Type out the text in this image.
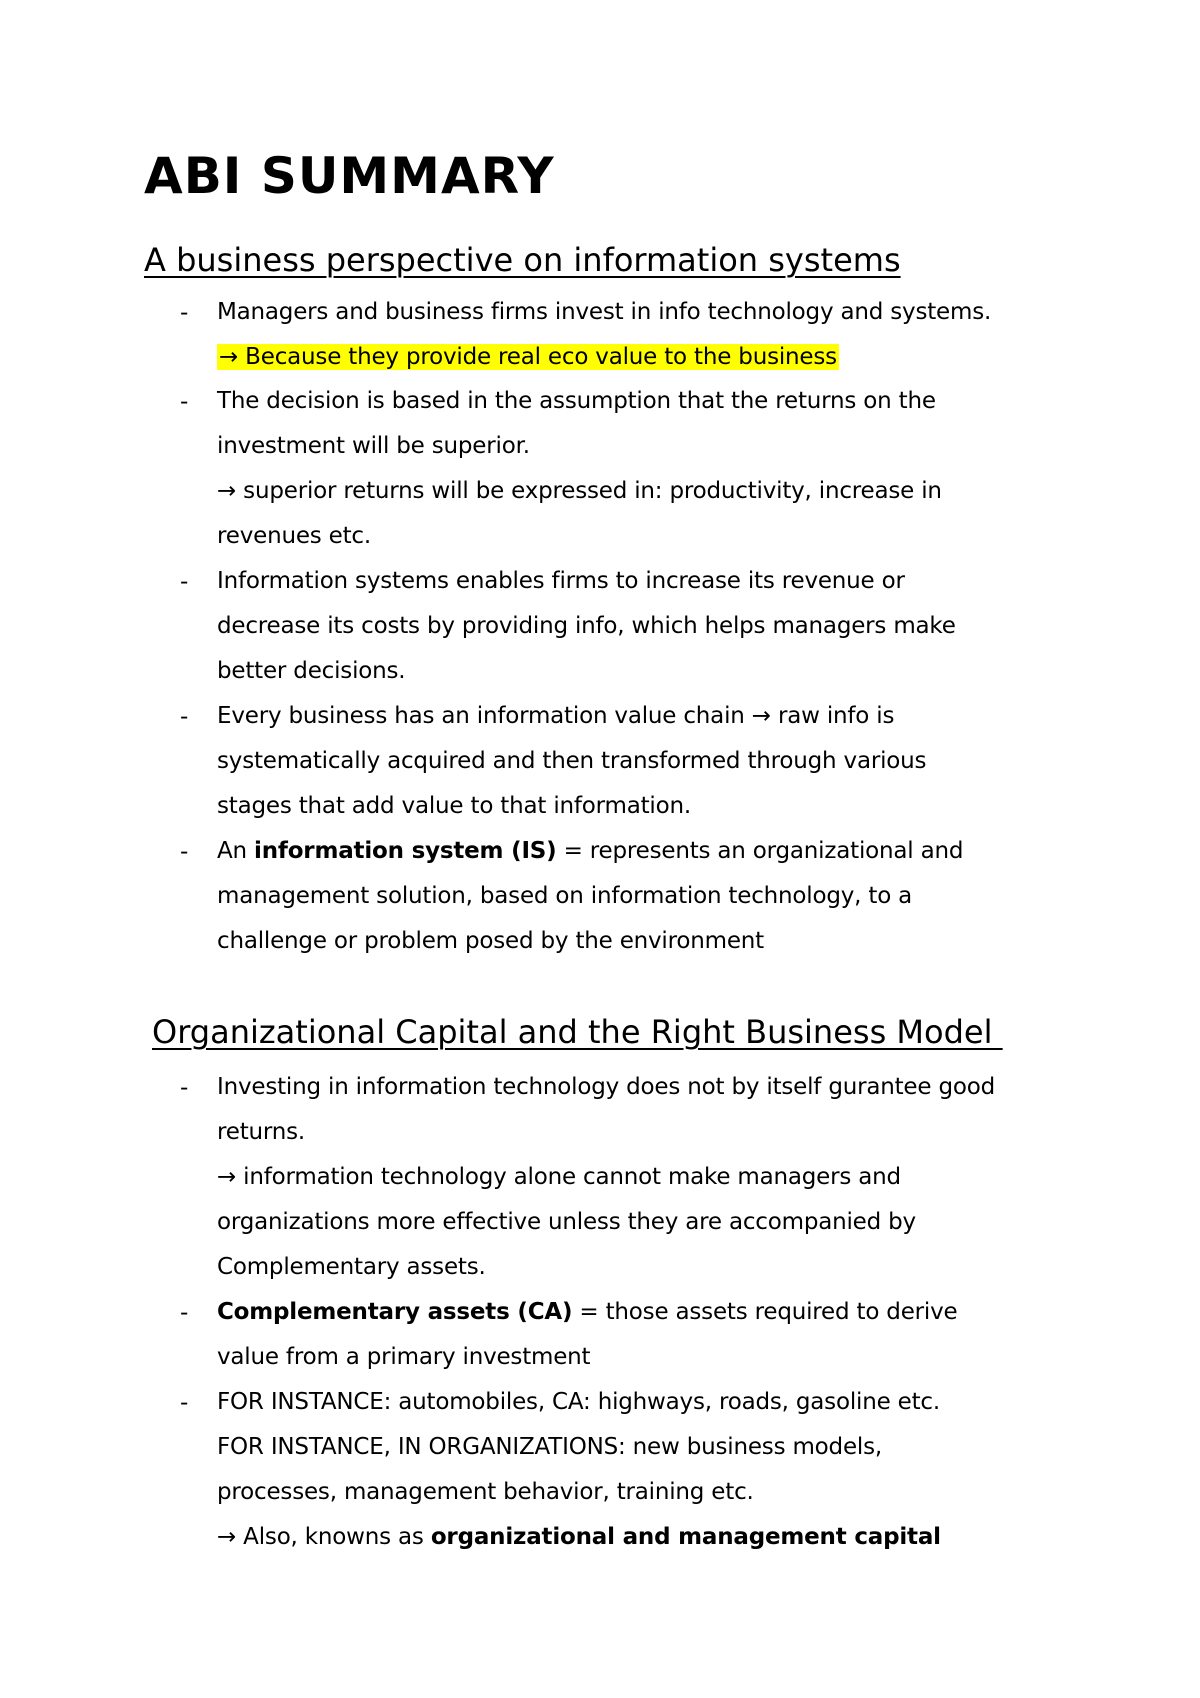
ABI SUMMARY
A business perspective on information systems
- Managers and business firms invest in info technology and systems.
→ Because they provide real eco value to the business
- The decision is based in the assumption that the returns on the
investment will be superior.
→ superior returns will be expressed in: productivity, increase in
revenues etc.
- Information systems enables firms to increase its revenue or
decrease its costs by providing info, which helps managers make
better decisions.
- Every business has an information value chain → raw info is
systematically acquired and then transformed through various
stages that add value to that information.
- An information system (IS) = represents an organizational and
management solution, based on information technology, to a
challenge or problem posed by the environment
Organizational Capital and the Right Business Model
- Investing in information technology does not by itself gurantee good
returns.
→ information technology alone cannot make managers and
organizations more effective unless they are accompanied by
Complementary assets.
- Complementary assets (CA) = those assets required to derive
value from a primary investment
- FOR INSTANCE: automobiles, CA: highways, roads, gasoline etc.
FOR INSTANCE, IN ORGANIZATIONS: new business models,
processes, management behavior, training etc.
→ Also, knowns as organizational and management capital
